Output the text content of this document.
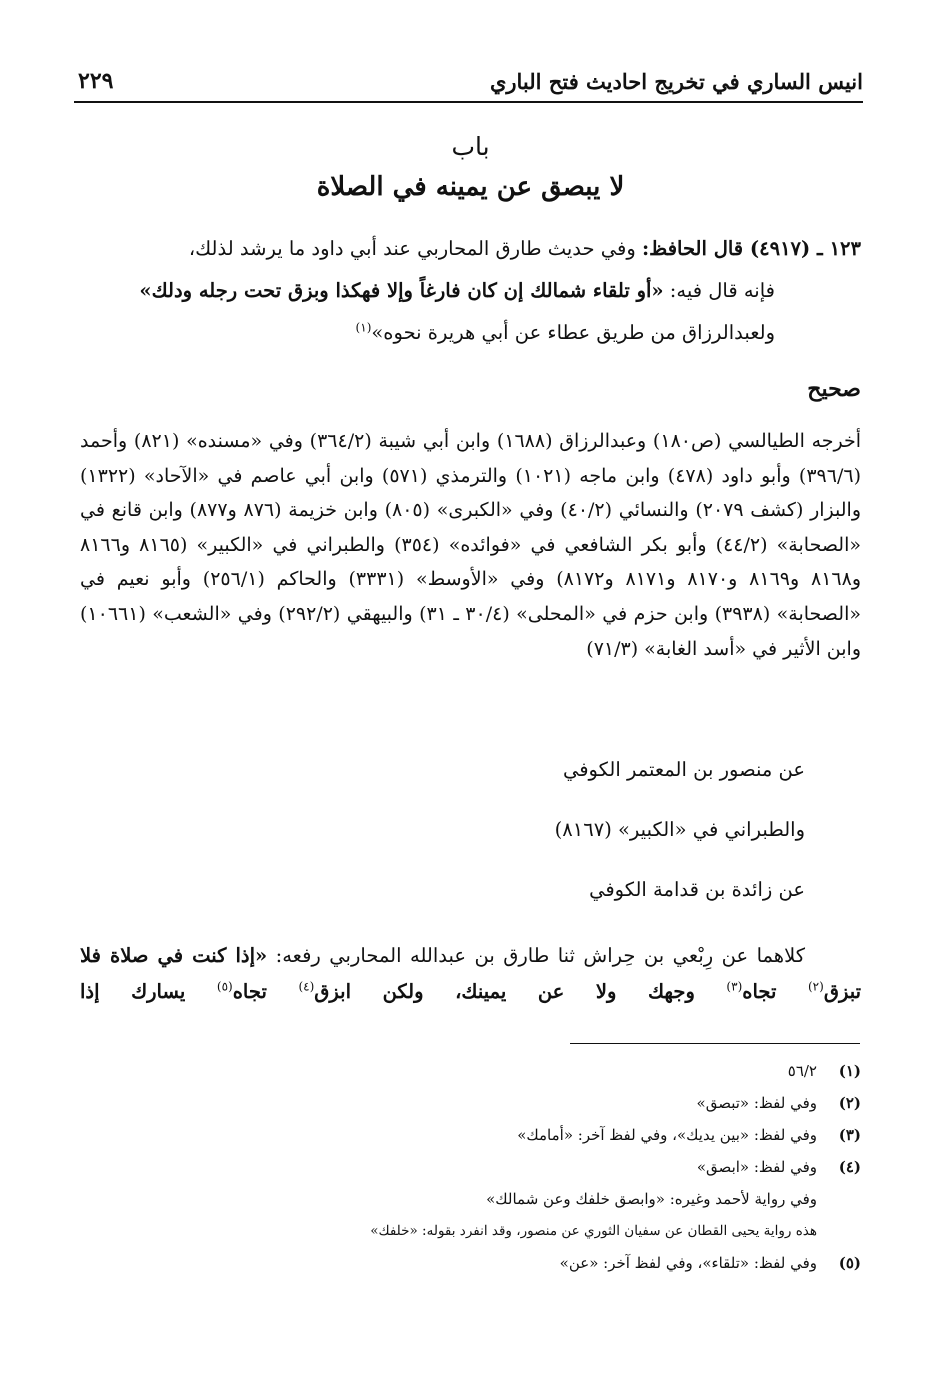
انيس الساري في تخريج احاديث فتح الباري
٢٢٩
باب
لا يبصق عن يمينه في الصلاة
١٢٣ ـ (٤٩١٧) قال الحافظ: وفي حديث طارق المحاربي عند أبي داود ما يرشد لذلك،
فإنه قال فيه: «أو تلقاء شمالك إن كان فارغاً وإلا فهكذا وبزق تحت رجله ودلك»
ولعبدالرزاق من طريق عطاء عن أبي هريرة نحوه»$^{(١)}$
صحيح
أخرجه الطيالسي (ص١٨٠) وعبدالرزاق (١٦٨٨) وابن أبي شيبة (٣٦٤/٢) وفي «مسنده» (٨٢١) وأحمد (٣٩٦/٦) وأبو داود (٤٧٨) وابن ماجه (١٠٢١) والترمذي (٥٧١) وابن أبي عاصم في «الآحاد» (١٣٢٢) والبزار (كشف ٢٠٧٩) والنسائي (٤٠/٢) وفي «الكبرى» (٨٠٥) وابن خزيمة (٨٧٦ و٨٧٧) وابن قانع في «الصحابة» (٤٤/٢) وأبو بكر الشافعي في «فوائده» (٣٥٤) والطبراني في «الكبير» (٨١٦٥ و٨١٦٦ و٨١٦٨ و٨١٦٩ و٨١٧٠ و٨١٧١ و٨١٧٢) وفي «الأوسط» (٣٣٣١) والحاكم (٢٥٦/١) وأبو نعيم في «الصحابة» (٣٩٣٨) وابن حزم في «المحلى» (٣٠/٤ ـ ٣١) والبيهقي (٢٩٢/٢) وفي «الشعب» (١٠٦٦١) وابن الأثير في «أسد الغابة» (٧١/٣)
عن منصور بن المعتمر الكوفي
والطبراني في «الكبير» (٨١٦٧)
عن زائدة بن قدامة الكوفي
كلاهما عن رِبْعي بن حِراش ثنا طارق بن عبدالله المحاربي رفعه: «إذا كنت في صلاة فلا تبزق$^{(٢)}$ تجاه$^{(٣)}$ وجهك ولا عن يمينك، ولكن ابزق$^{(٤)}$ تجاه$^{(٥)}$ يسارك إذا
(١)
٥٦/٢
(٢)
وفي لفظ: «تبصق»
(٣)
وفي لفظ: «بين يديك»، وفي لفظ آخر: «أمامك»
(٤)
وفي لفظ: «ابصق»
وفي رواية لأحمد وغيره: «وابصق خلفك وعن شمالك»
هذه رواية يحيى القطان عن سفيان الثوري عن منصور، وقد انفرد بقوله: «خلفك»
(٥)
وفي لفظ: «تلقاء»، وفي لفظ آخر: «عن»
